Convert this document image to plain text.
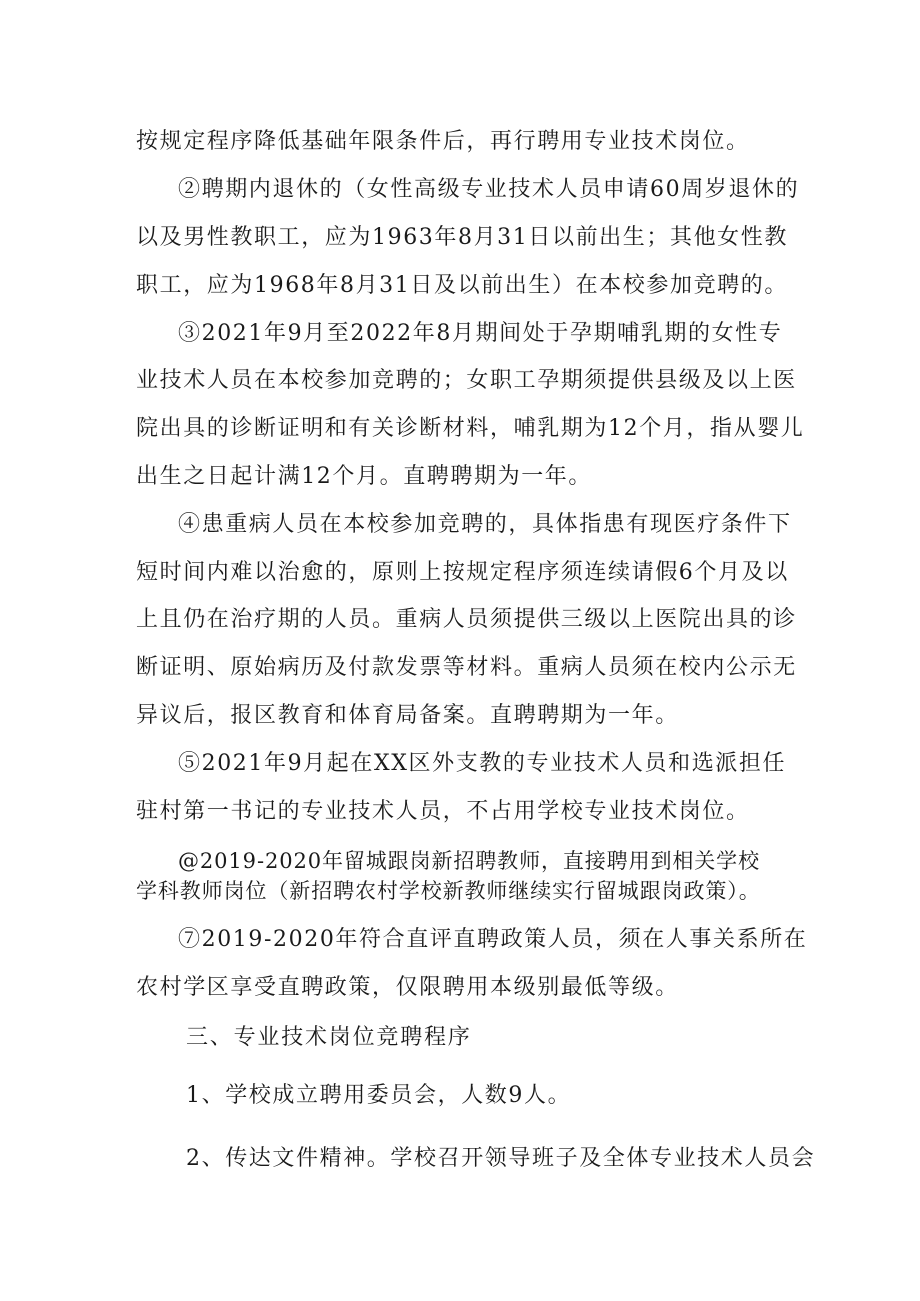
按规定程序降低基础年限条件后，再行聘用专业技术岗位。
②聘期内退休的（女性高级专业技术人员申请60周岁退休的
以及男性教职工，应为1963年8月31日以前出生；其他女性教
职工，应为1968年8月31日及以前出生）在本校参加竞聘的。
③2021年9月至2022年8月期间处于孕期哺乳期的女性专
业技术人员在本校参加竞聘的；女职工孕期须提供县级及以上医
院出具的诊断证明和有关诊断材料，哺乳期为12个月，指从婴儿
出生之日起计满12个月。直聘聘期为一年。
④患重病人员在本校参加竞聘的，具体指患有现医疗条件下
短时间内难以治愈的，原则上按规定程序须连续请假6个月及以
上且仍在治疗期的人员。重病人员须提供三级以上医院出具的诊
断证明、原始病历及付款发票等材料。重病人员须在校内公示无
异议后，报区教育和体育局备案。直聘聘期为一年。
⑤2021年9月起在XX区外支教的专业技术人员和选派担任
驻村第一书记的专业技术人员，不占用学校专业技术岗位。
@2019-2020年留城跟岗新招聘教师，直接聘用到相关学校
学科教师岗位（新招聘农村学校新教师继续实行留城跟岗政策）。
⑦2019-2020年符合直评直聘政策人员，须在人事关系所在
农村学区享受直聘政策，仅限聘用本级别最低等级。
三、专业技术岗位竞聘程序
1、学校成立聘用委员会，人数9人。
2、传达文件精神。学校召开领导班子及全体专业技术人员会
